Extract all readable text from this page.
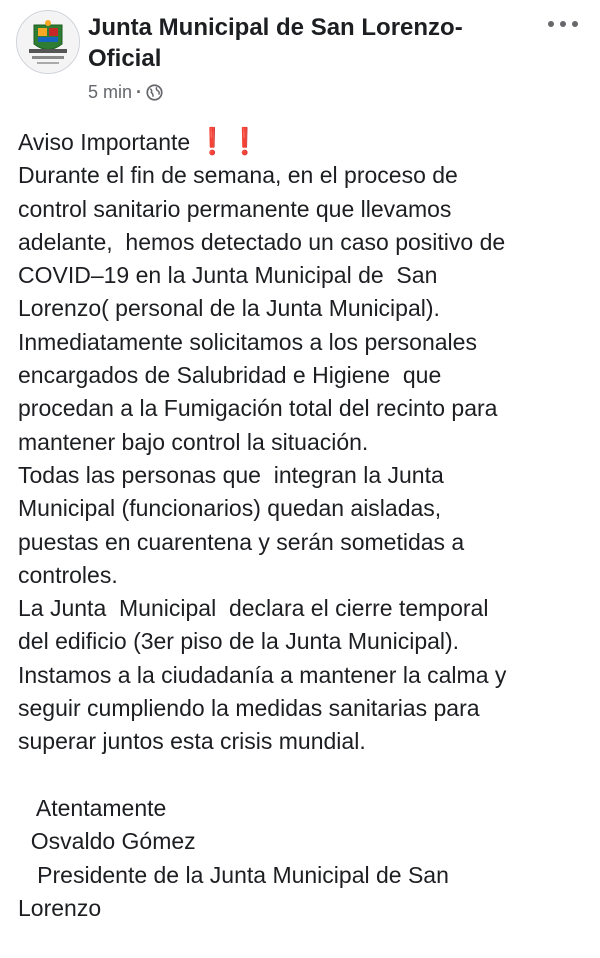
Junta Municipal de San Lorenzo-Oficial
5 min ·
Aviso Importante ❗❗
Durante el fin de semana, en el proceso de
control sanitario permanente que llevamos
adelante,  hemos detectado un caso positivo de
COVID–19 en la Junta Municipal de  San
Lorenzo( personal de la Junta Municipal).
Inmediatamente solicitamos a los personales
encargados de Salubridad e Higiene  que
procedan a la Fumigación total del recinto para
mantener bajo control la situación.
Todas las personas que  integran la Junta
Municipal (funcionarios) quedan aisladas,
puestas en cuarentena y serán sometidas a
controles.
La Junta  Municipal  declara el cierre temporal
del edificio (3er piso de la Junta Municipal).
Instamos a la ciudadanía a mantener la calma y
seguir cumpliendo la medidas sanitarias para
superar juntos esta crisis mundial.
Atentamente
Osvaldo Gómez
Presidente de la Junta Municipal de San
Lorenzo
